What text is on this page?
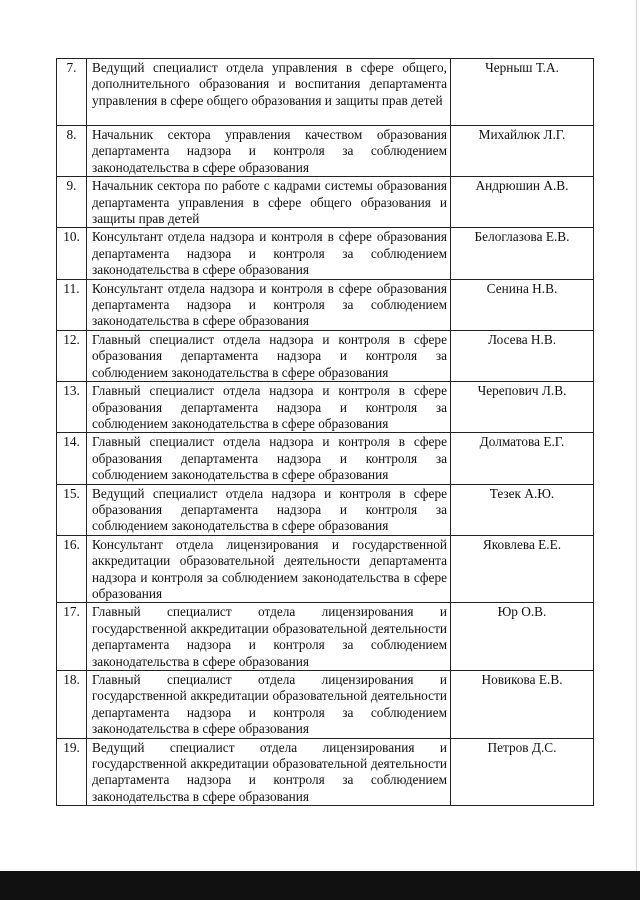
7.	Ведущий специалист отдела управления в сфере общего, дополнительного образования и воспитания департамента управления в сфере общего образования и защиты прав детей	Черныш Т.А.

8.	Начальник сектора управления качеством образования департамента надзора и контроля за соблюдением законодательства в сфере образования	Михайлюк Л.Г.

9.	Начальник сектора по работе с кадрами системы образования департамента управления в сфере общего образования и защиты прав детей	Андрюшин А.В.

10.	Консультант отдела надзора и контроля в сфере образования департамента надзора и контроля за соблюдением законодательства в сфере образования	Белоглазова Е.В.

11.	Консультант отдела надзора и контроля в сфере образования департамента надзора и контроля за соблюдением законодательства в сфере образования	Сенина Н.В.

12.	Главный специалист отдела надзора и контроля в сфере образования департамента надзора и контроля за соблюдением законодательства в сфере образования	Лосева Н.В.

13.	Главный специалист отдела надзора и контроля в сфере образования департамента надзора и контроля за соблюдением законодательства в сфере образования	Черепович Л.В.

14.	Главный специалист отдела надзора и контроля в сфере образования департамента надзора и контроля за соблюдением законодательства в сфере образования	Долматова Е.Г.

15.	Ведущий специалист отдела надзора и контроля в сфере образования департамента надзора и контроля за соблюдением законодательства в сфере образования	Тезек А.Ю.

16.	Консультант отдела лицензирования и государственной аккредитации образовательной деятельности департамента надзора и контроля за соблюдением законодательства в сфере образования	Яковлева Е.Е.

17.	Главный специалист отдела лицензирования и государственной аккредитации образовательной деятельности департамента надзора и контроля за соблюдением законодательства в сфере образования	Юр О.В.

18.	Главный специалист отдела лицензирования и государственной аккредитации образовательной деятельности департамента надзора и контроля за соблюдением законодательства в сфере образования	Новикова Е.В.

19.	Ведущий специалист отдела лицензирования и государственной аккредитации образовательной деятельности департамента надзора и контроля за соблюдением законодательства в сфере образования	Петров Д.С.
